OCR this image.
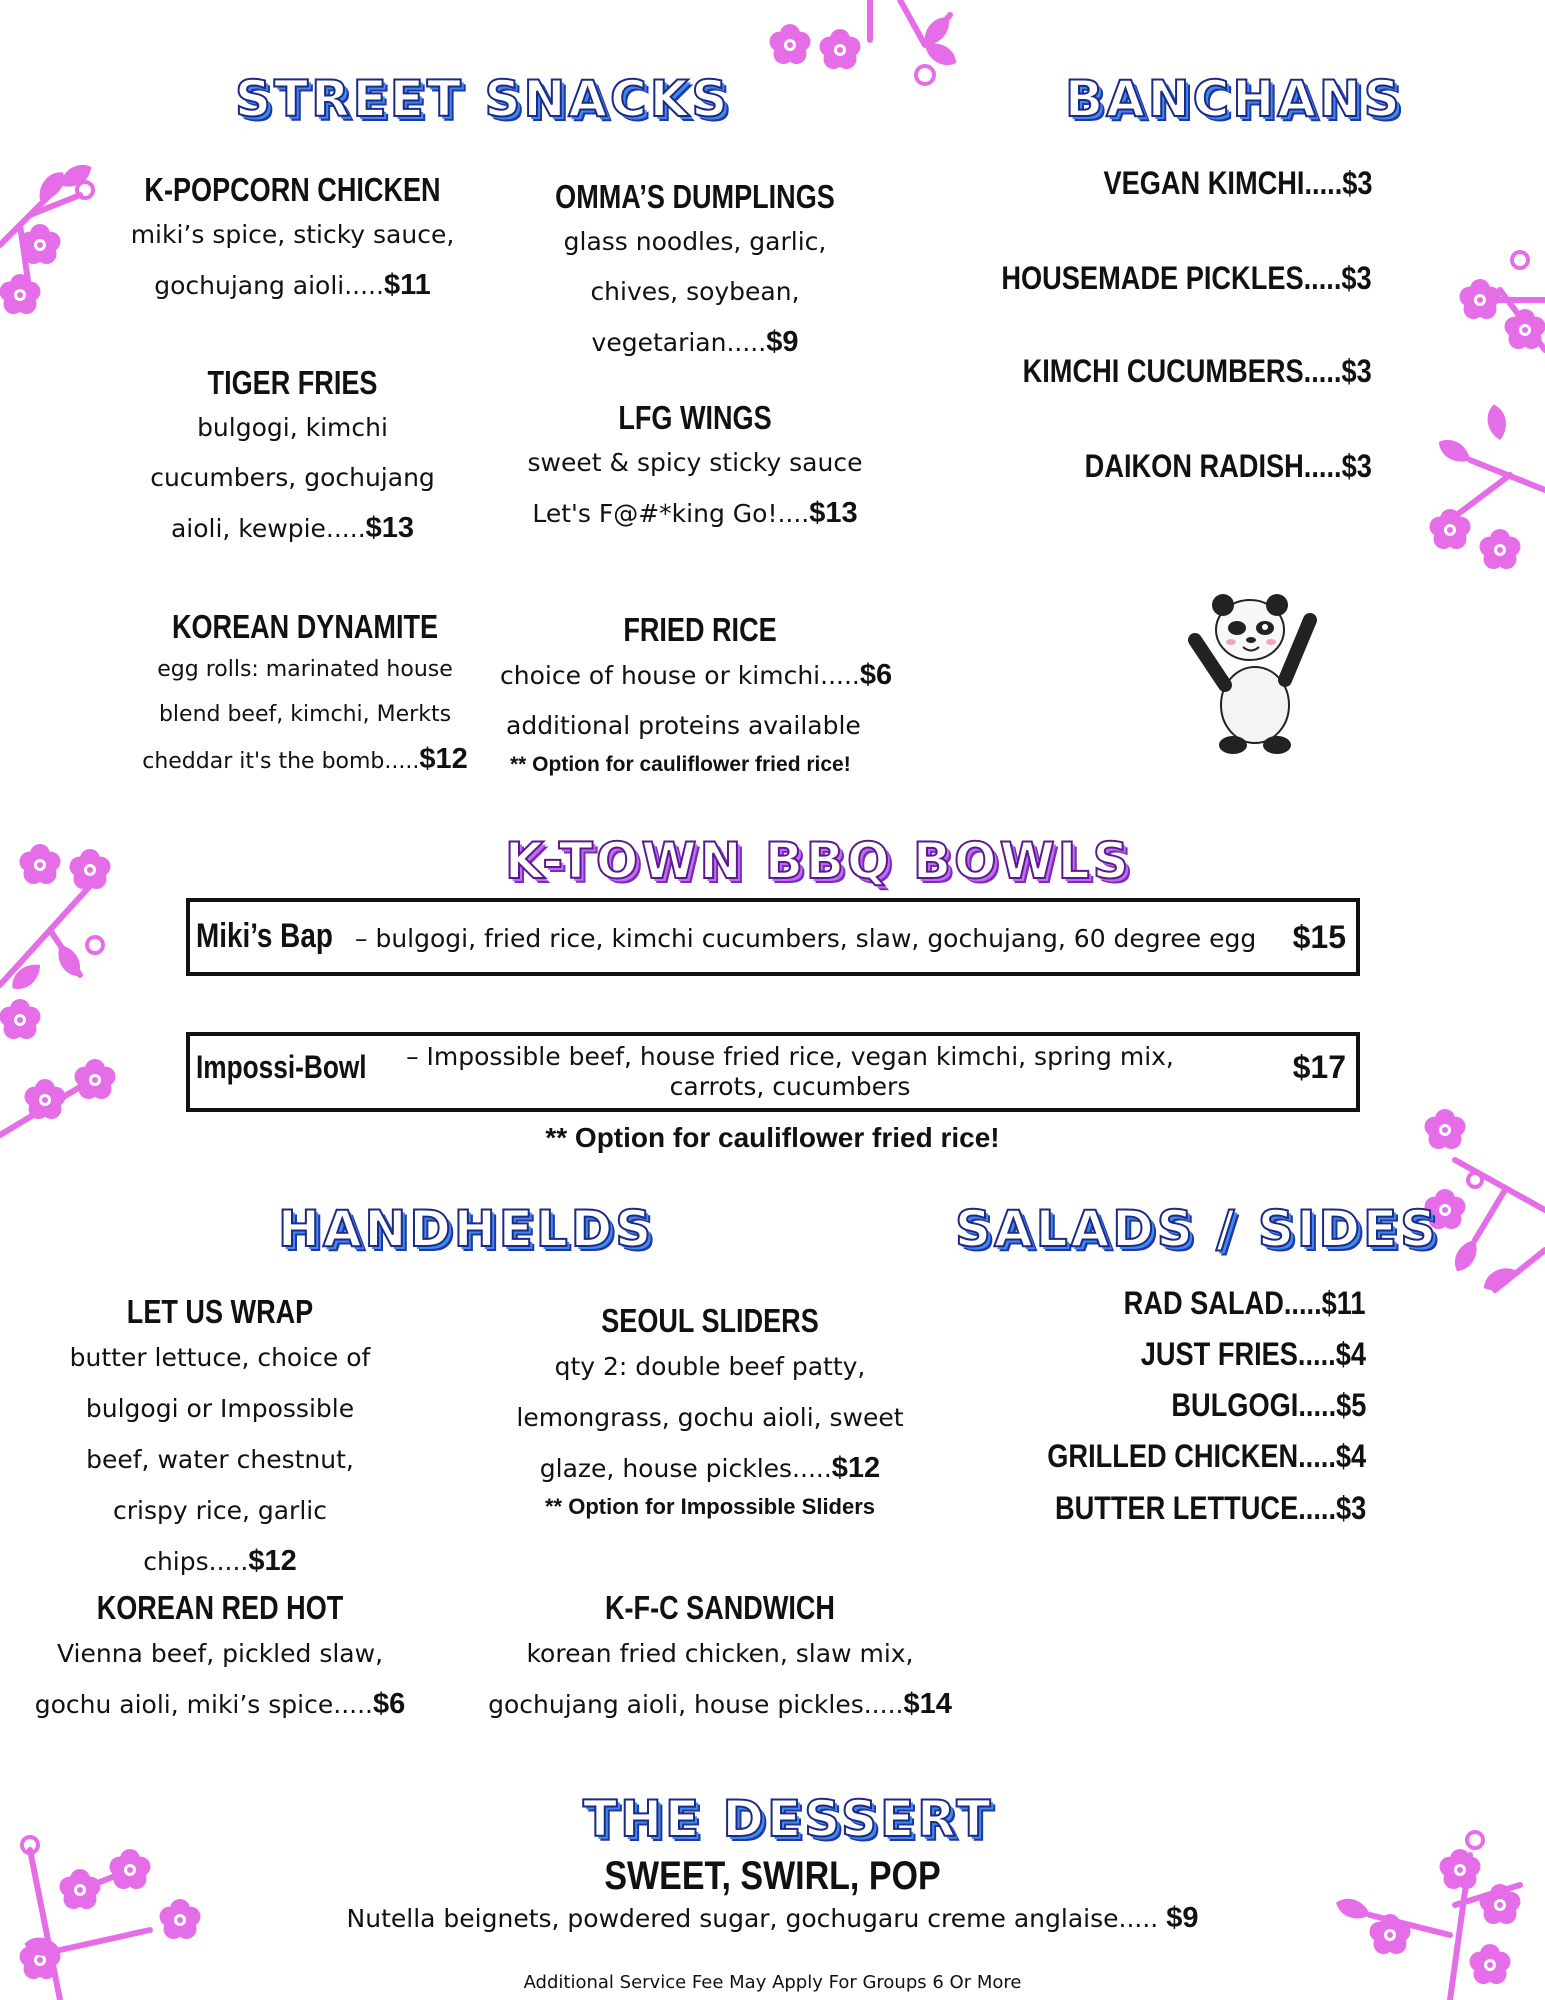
STREET SNACKS
K-POPCORN CHICKEN
miki’s spice, sticky sauce,
gochujang aioli.....$11
TIGER FRIES
bulgogi, kimchi
cucumbers, gochujang
aioli, kewpie.....$13
KOREAN DYNAMITE
egg rolls: marinated house
blend beef, kimchi, Merkts
cheddar it's the bomb.....$12
OMMA’S DUMPLINGS
glass noodles, garlic,
chives, soybean,
vegetarian.....$9
LFG WINGS
sweet & spicy sticky sauce
Let's F@#*king Go!....$13
FRIED RICE
choice of house or kimchi.....$6
additional proteins available
** Option for cauliflower fried rice!
BANCHANS
VEGAN KIMCHI.....$3
HOUSEMADE PICKLES.....$3
KIMCHI CUCUMBERS.....$3
DAIKON RADISH.....$3
K-TOWN BBQ BOWLS
Miki’s Bap – bulgogi, fried rice, kimchi cucumbers, slaw, gochujang, 60 degree egg $15
Impossi-Bowl – Impossible beef, house fried rice, vegan kimchi, spring mix,
carrots, cucumbers
$17
** Option for cauliflower fried rice!
HANDHELDS
LET US WRAP
butter lettuce, choice of
bulgogi or Impossible
beef, water chestnut,
crispy rice, garlic chips.....$12
SEOUL SLIDERS
qty 2: double beef patty,
lemongrass, gochu aioli, sweet
glaze, house pickles.....$12
** Option for Impossible Sliders
KOREAN RED HOT
Vienna beef, pickled slaw,
gochu aioli, miki’s spice.....$6
K-F-C SANDWICH
korean fried chicken, slaw mix,
gochujang aioli, house pickles.....$14
SALADS / SIDES
RAD SALAD.....$11
JUST FRIES.....$4
BULGOGI.....$5
GRILLED CHICKEN.....$4
BUTTER LETTUCE.....$3
THE DESSERT
SWEET, SWIRL, POP
Nutella beignets, powdered sugar, gochugaru creme anglaise..... $9
Additional Service Fee May Apply For Groups 6 Or More
